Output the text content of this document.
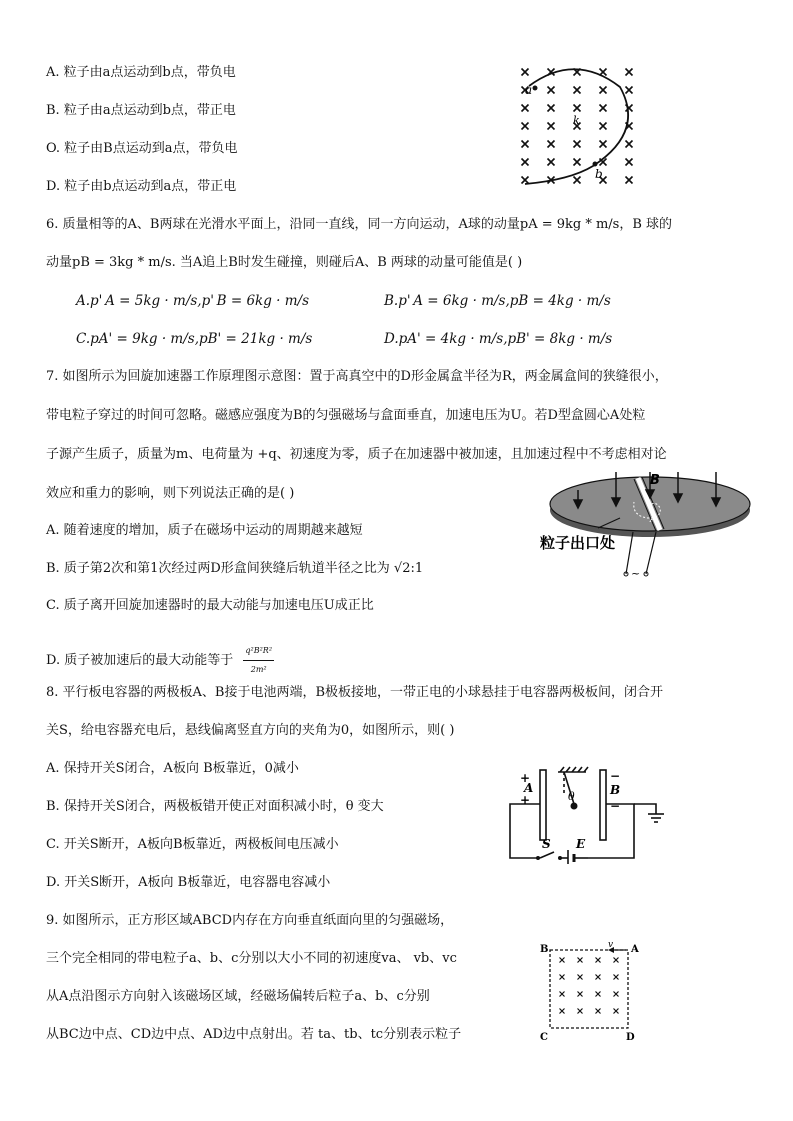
A. 粒子由a点运动到b点，带负电
B. 粒子由a点运动到b点，带正电
O. 粒子由B点运动到a点，带负电
D. 粒子由b点运动到a点，带正电
a
b
k
6. 质量相等的A、B两球在光滑水平面上，沿同一直线，同一方向运动，A球的动量pA = 9kg * m/s，B 球的
动量pB = 3kg * m/s. 当A追上B时发生碰撞，则碰后A、B 两球的动量可能值是( )
A.p' A = 5kg · m/s,p' B = 6kg · m/s	B.p' A = 6kg · m/s,pB = 4kg · m/s
C.pA' = 9kg · m/s,pB' = 21kg · m/s	D.pA' = 4kg · m/s,pB' = 8kg · m/s
7. 如图所示为回旋加速器工作原理图示意图：置于高真空中的D形金属盒半径为R，两金属盒间的狭缝很小，
带电粒子穿过的时间可忽略。磁感应强度为B的匀强磁场与盒面垂直，加速电压为U。若D型盒圆心A处粒
子源产生质子，质量为m、电荷量为 +q、初速度为零，质子在加速器中被加速，且加速过程中不考虑相对论
效应和重力的影响，则下列说法正确的是( )
A. 随着速度的增加，质子在磁场中运动的周期越来越短
B. 质子第2次和第1次经过两D形盒间狭缝后轨道半径之比为 √2:1
C. 质子离开回旋加速器时的最大动能与加速电压U成正比
D. 质子被加速后的最大动能等于 $\frac{\text{q²B²R²}}{\text{2m²}}$
B
A
粒子出口处
~
8. 平行板电容器的两极板A、B接于电池两端，B极板接地，一带正电的小球悬挂于电容器两极板间，闭合开
关S，给电容器充电后，悬线偏离竖直方向的夹角为0，如图所示，则( )
A. 保持开关S闭合，A板向 B板靠近，0减小
B. 保持开关S闭合，两极板错开使正对面积减小时，θ 变大
C. 开关S断开，A板向B板靠近，两极板间电压减小
D. 开关S断开，A板向 B板靠近，电容器电容减小
+
A
+
B
−
−
θ
S E
9. 如图所示，正方形区域ABCD内存在方向垂直纸面向里的匀强磁场，
三个完全相同的带电粒子a、b、c分别以大小不同的初速度va、 vb、vc
从A点沿图示方向射入该磁场区域，经磁场偏转后粒子a、b、c分别
从BC边中点、CD边中点、AD边中点射出。若 ta、tb、tc分别表示粒子
B	A
C	D
v
